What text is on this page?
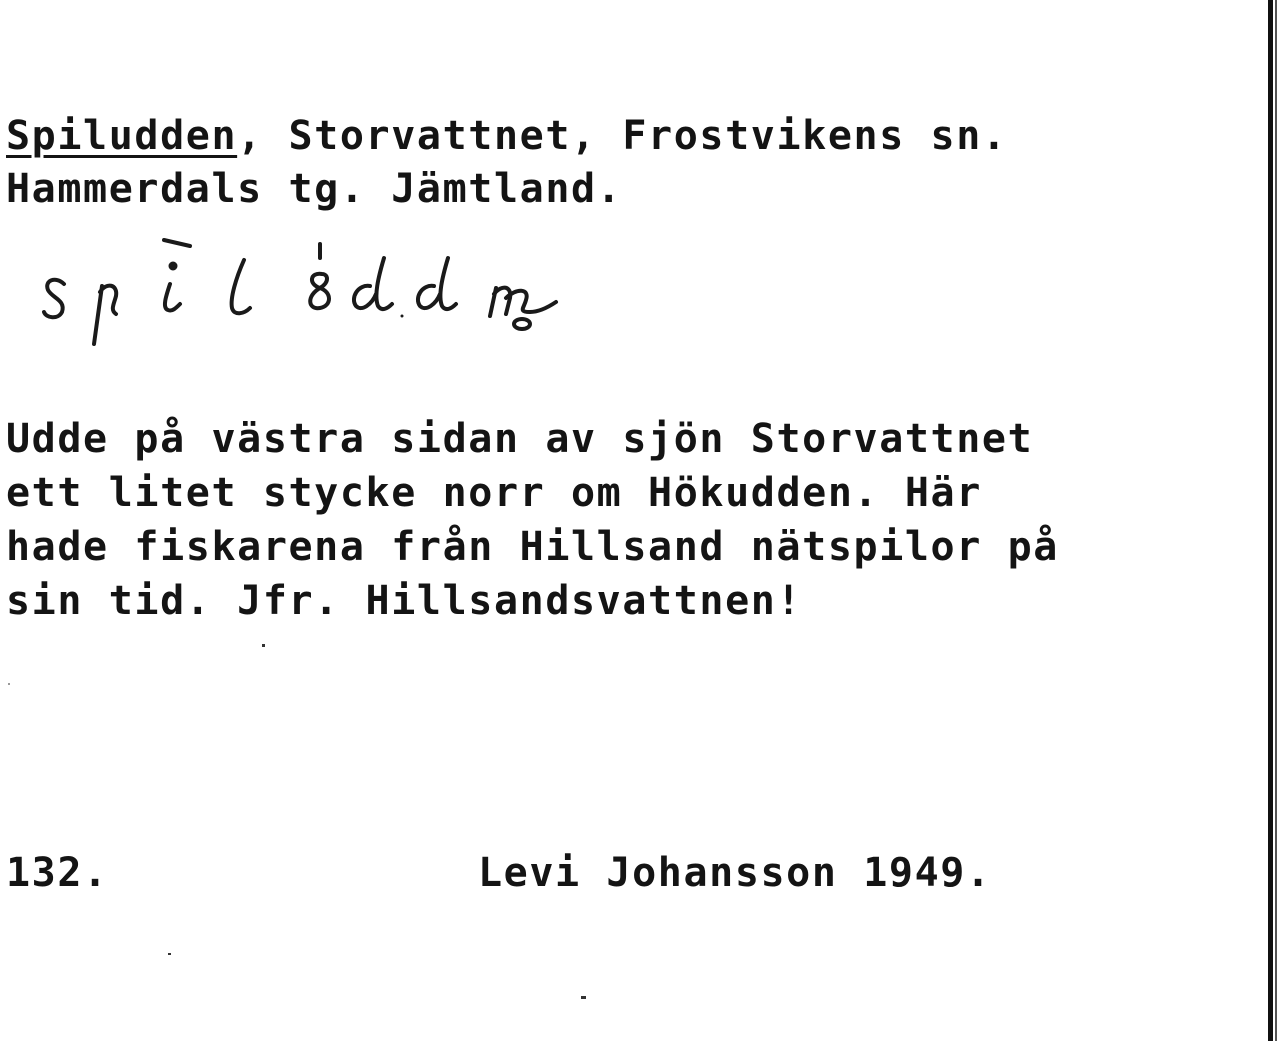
Spiludden, Storvattnet, Frostvikens sn.
Hammerdals tg. Jämtland.
Udde på västra sidan av sjön Storvattnet
ett litet stycke norr om Hökudden. Här
hade fiskarena från Hillsand nätspilor på
sin tid. Jfr. Hillsandsvattnen!
132.	Levi Johansson 1949.
